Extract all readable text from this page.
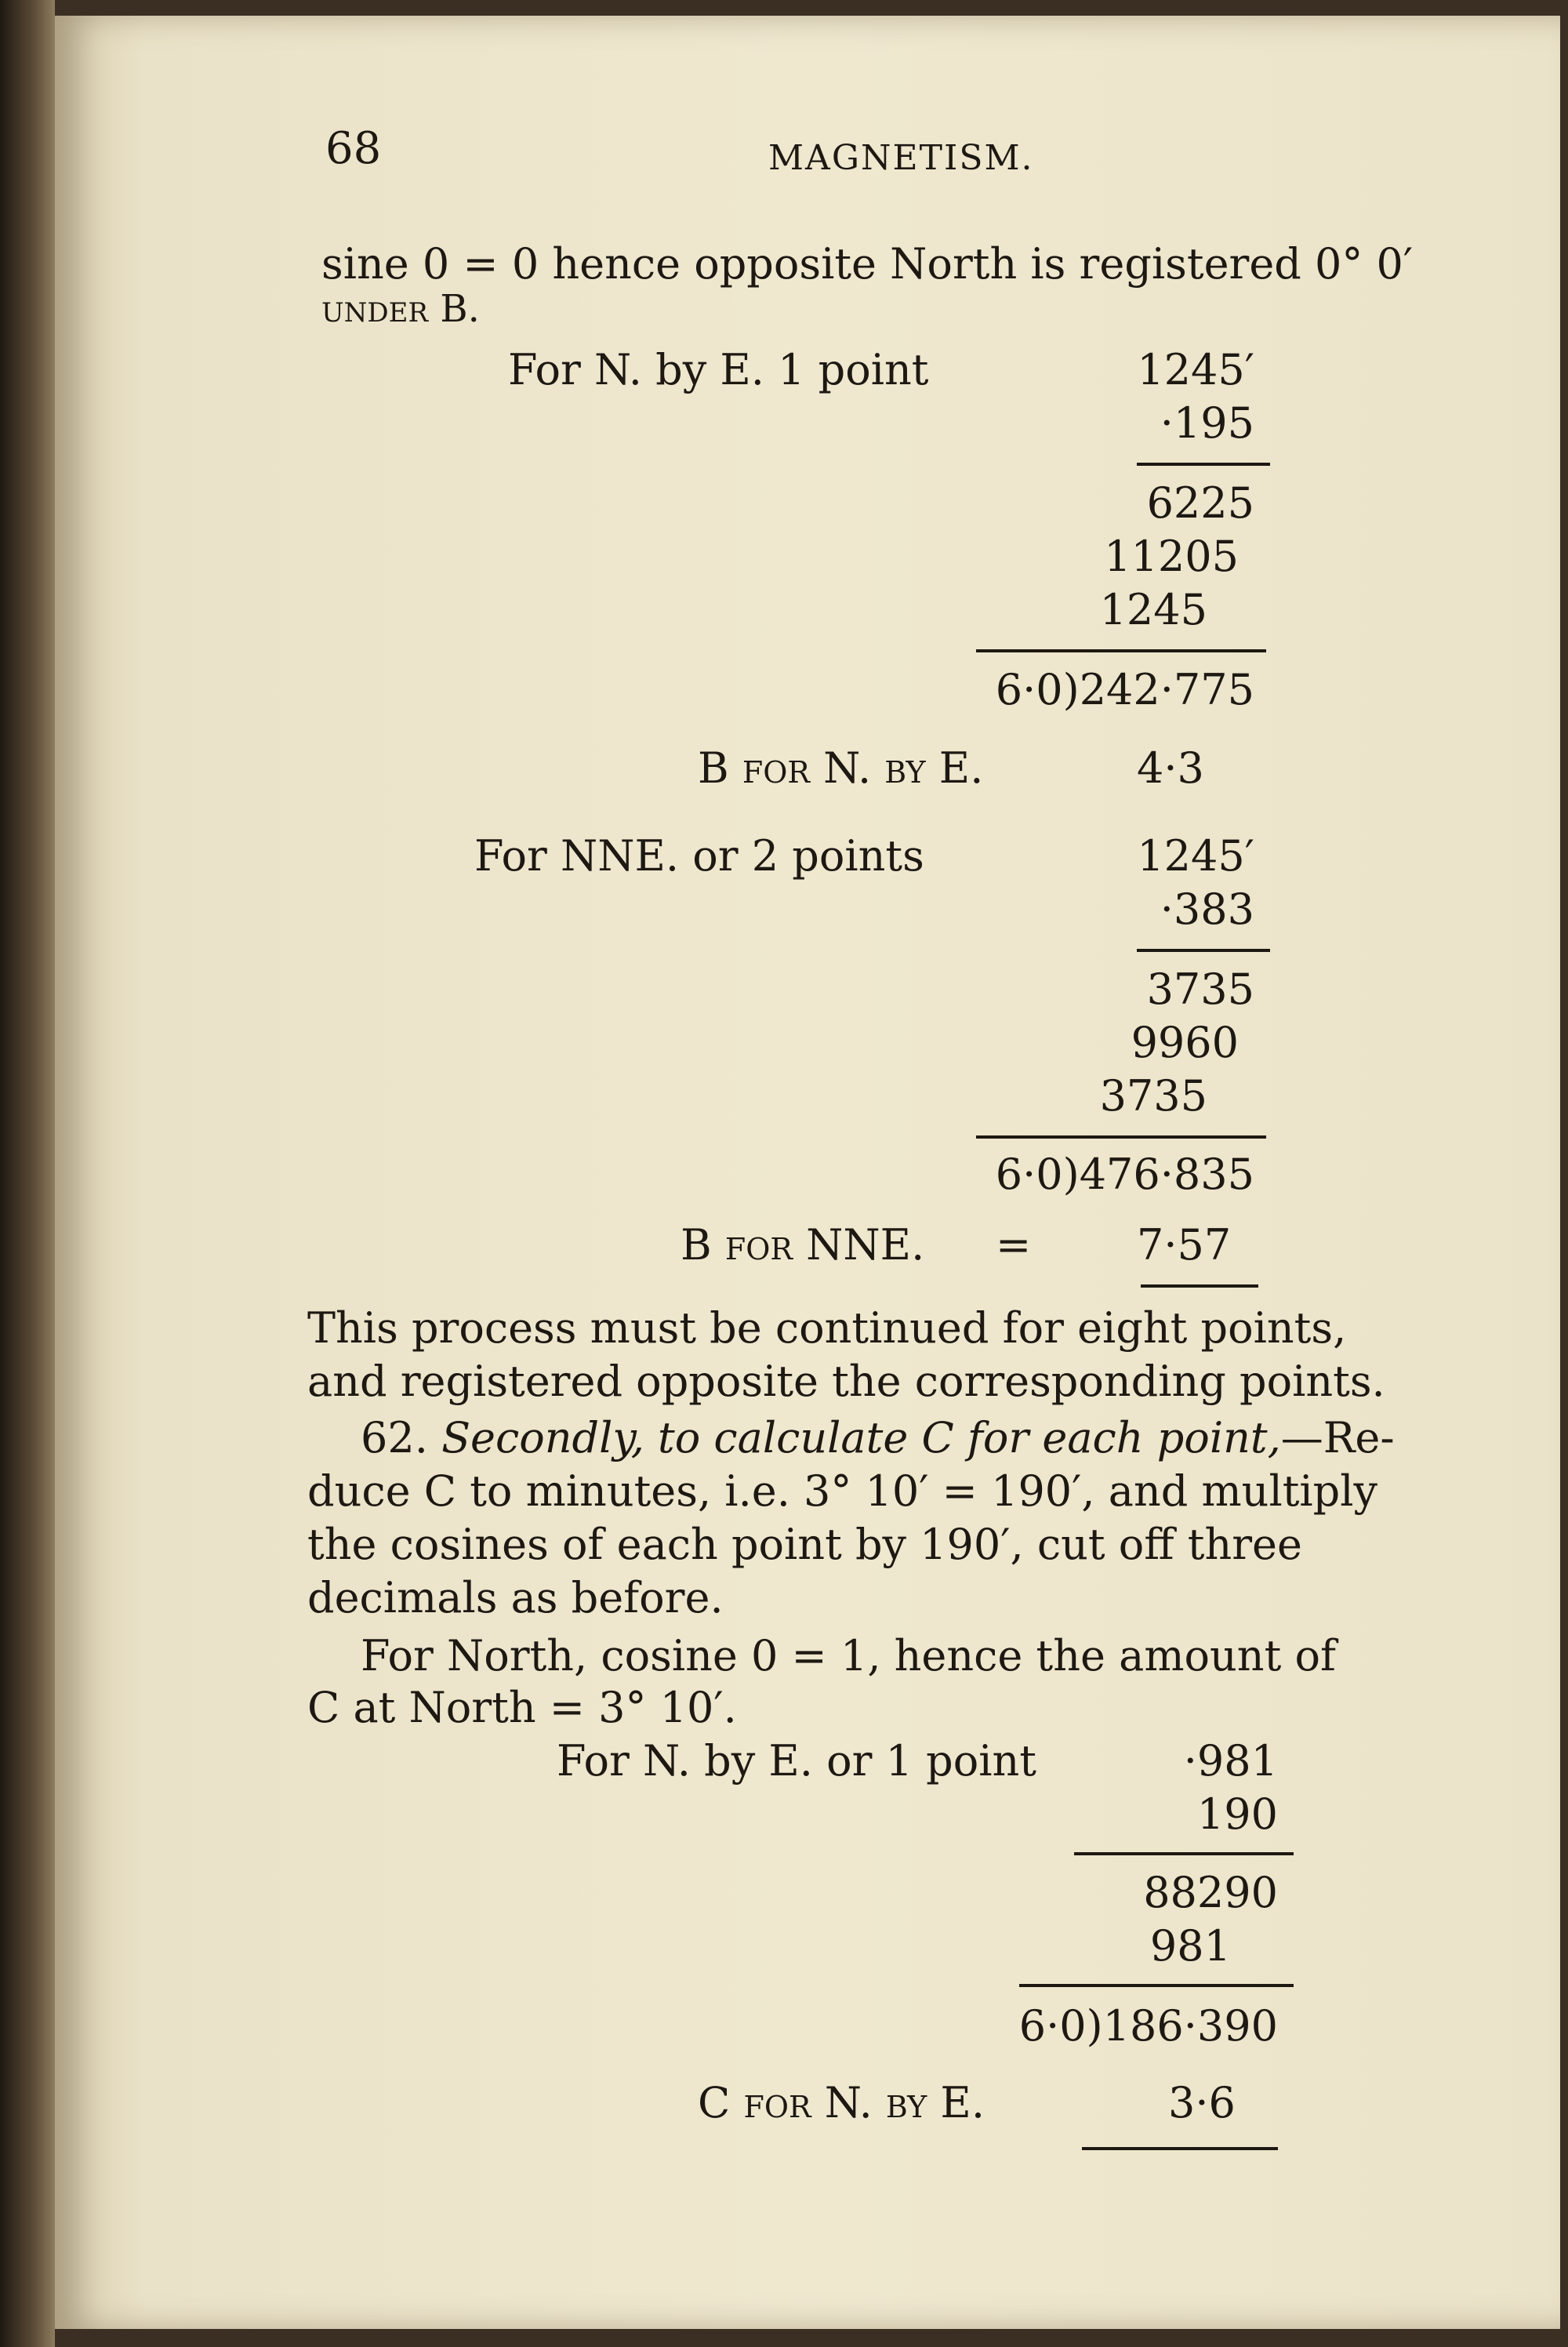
68	MAGNETISM.
sine 0 = 0 hence opposite North is registered 0° 0′
under B.
For N. by E. 1 point	1245′
·195
6225
11205
1245
6·0)242·775
B for N. by E.	4·3
For NNE. or 2 points	1245′
·383
3735
9960
3735
6·0)476·835
B for NNE. = 7·57
This process must be continued for eight points,
and registered opposite the corresponding points.
62. Secondly, to calculate C for each point,—Re-
duce C to minutes, i.e. 3° 10′ = 190′, and multiply
the cosines of each point by 190′, cut off three
decimals as before.
For North, cosine 0 = 1, hence the amount of
C at North = 3° 10′.
For N. by E. or 1 point	·981
190
88290
981
6·0)186·390
C for N. by E.	3·6
